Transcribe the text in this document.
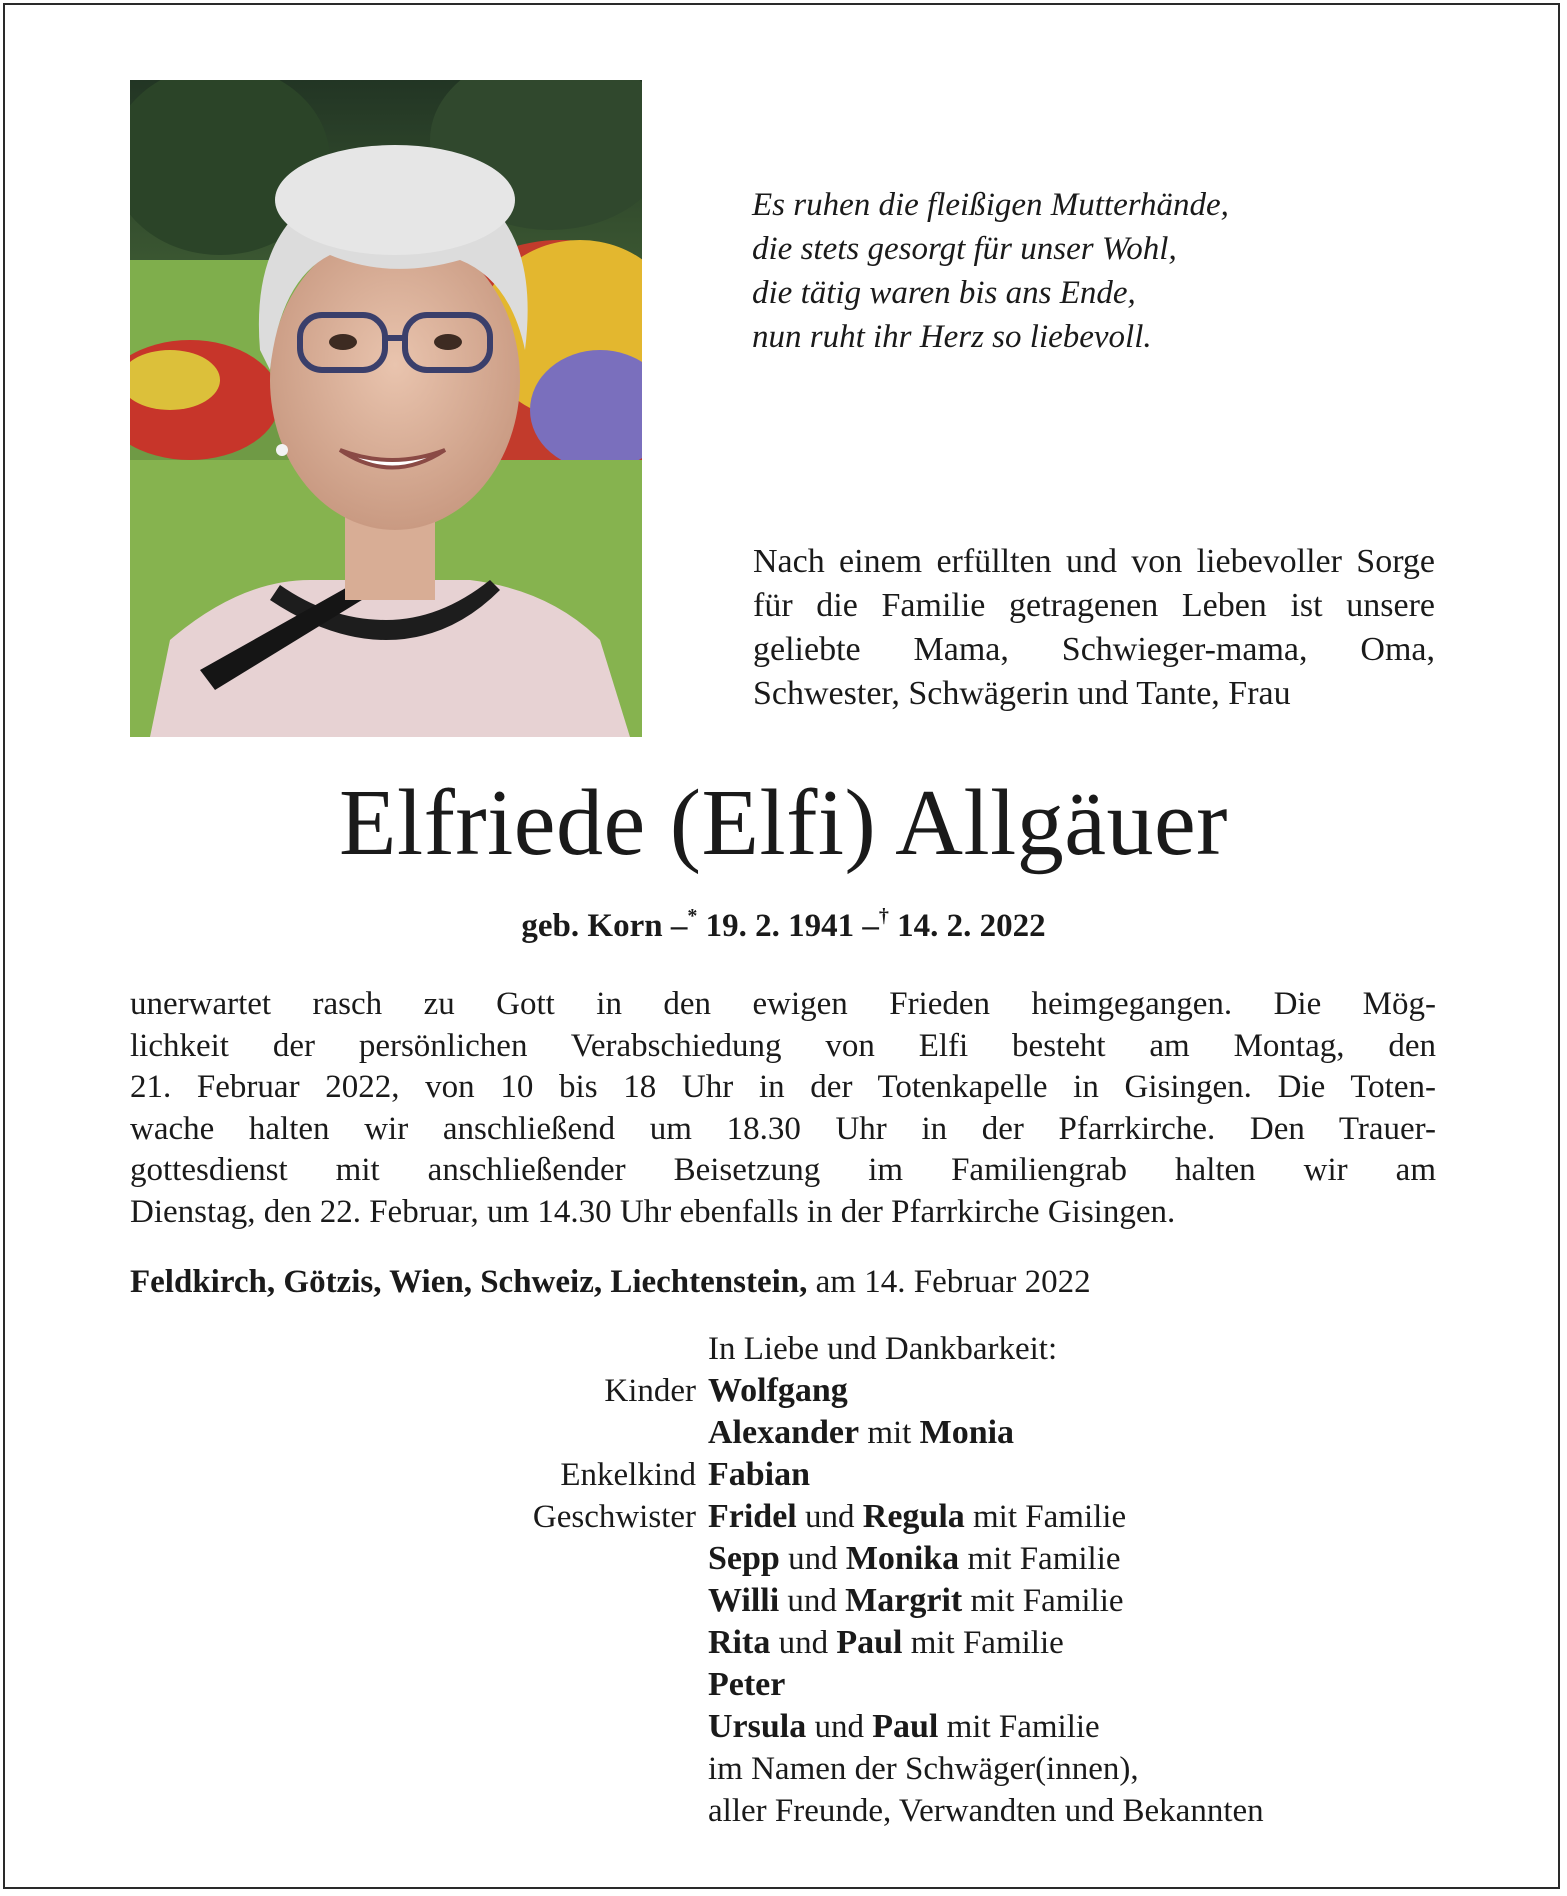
Es ruhen die fleißigen Mutterhände,
die stets gesorgt für unser Wohl,
die tätig waren bis ans Ende,
nun ruht ihr Herz so liebevoll.
Nach einem erfüllten und von liebevoller Sorge für die Familie getragenen Leben ist unsere geliebte Mama, Schwieger-mama, Oma, Schwester, Schwägerin und Tante, Frau
Elfriede (Elfi) Allgäuer
geb. Korn –* 19. 2. 1941 –† 14. 2. 2022
unerwartet rasch zu Gott in den ewigen Frieden heimgegangen. Die Mög-
lichkeit der persönlichen Verabschiedung von Elfi besteht am Montag, den
21. Februar 2022, von 10 bis 18 Uhr in der Totenkapelle in Gisingen. Die Toten-
wache halten wir anschließend um 18.30 Uhr in der Pfarrkirche. Den Trauer-
gottesdienst mit anschließender Beisetzung im Familiengrab halten wir am
Dienstag, den 22. Februar, um 14.30 Uhr ebenfalls in der Pfarrkirche Gisingen.
Feldkirch, Götzis, Wien, Schweiz, Liechtenstein, am 14. Februar 2022
In Liebe und Dankbarkeit:
Kinder Wolfgang
Alexander mit Monia
Enkelkind Fabian
Geschwister Fridel und Regula mit Familie
Sepp und Monika mit Familie
Willi und Margrit mit Familie
Rita und Paul mit Familie
Peter
Ursula und Paul mit Familie
im Namen der Schwäger(innen),
aller Freunde, Verwandten und Bekannten
